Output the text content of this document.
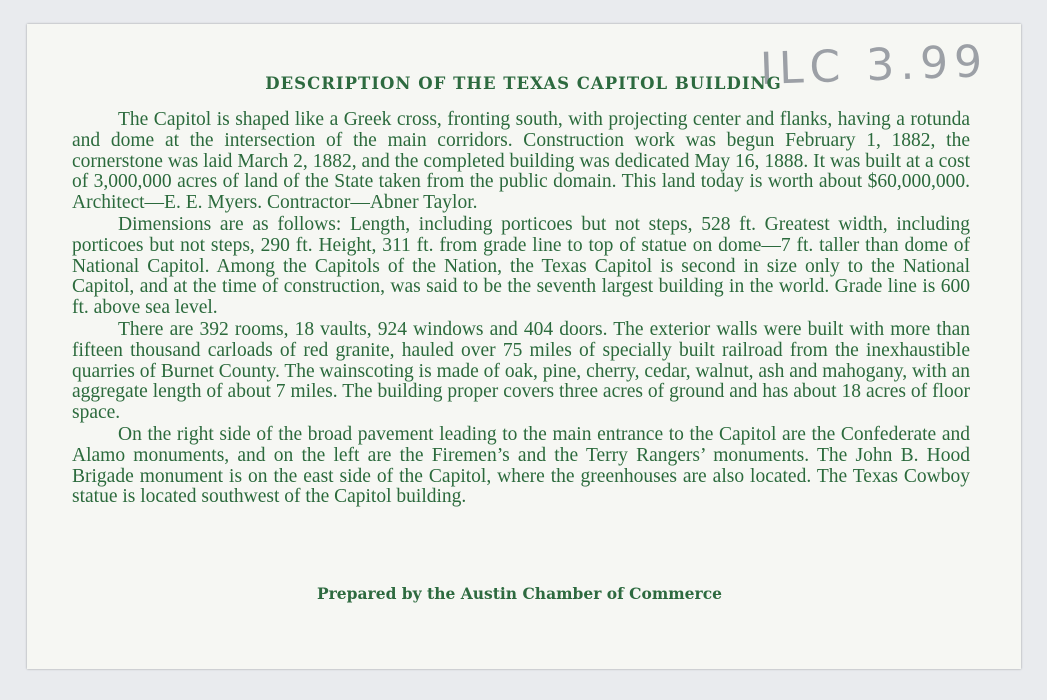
ILC 3.99
DESCRIPTION OF THE TEXAS CAPITOL BUILDING

The Capitol is shaped like a Greek cross, fronting south, with projecting center and flanks, having a rotunda and dome at the intersection of the main corridors. Construction work was begun February 1, 1882, the cornerstone was laid March 2, 1882, and the completed building was dedicated May 16, 1888. It was built at a cost of 3,000,000 acres of land of the State taken from the public domain. This land today is worth about $60,000,000. Architect—E. E. Myers. Contractor—Abner Taylor.

Dimensions are as follows: Length, including porticoes but not steps, 528 ft. Greatest width, including porticoes but not steps, 290 ft. Height, 311 ft. from grade line to top of statue on dome—7 ft. taller than dome of National Capitol. Among the Capitols of the Nation, the Texas Capitol is second in size only to the National Capitol, and at the time of construction, was said to be the seventh largest building in the world. Grade line is 600 ft. above sea level.

There are 392 rooms, 18 vaults, 924 windows and 404 doors. The exterior walls were built with more than fifteen thousand carloads of red granite, hauled over 75 miles of specially built railroad from the inexhaustible quarries of Burnet County. The wainscoting is made of oak, pine, cherry, cedar, walnut, ash and mahogany, with an aggregate length of about 7 miles. The building proper covers three acres of ground and has about 18 acres of floor space.

On the right side of the broad pavement leading to the main entrance to the Capitol are the Confederate and Alamo monuments, and on the left are the Firemen’s and the Terry Rangers’ monuments. The John B. Hood Brigade monument is on the east side of the Capitol, where the greenhouses are also located. The Texas Cowboy statue is located southwest of the Capitol building.

Prepared by the Austin Chamber of Commerce
